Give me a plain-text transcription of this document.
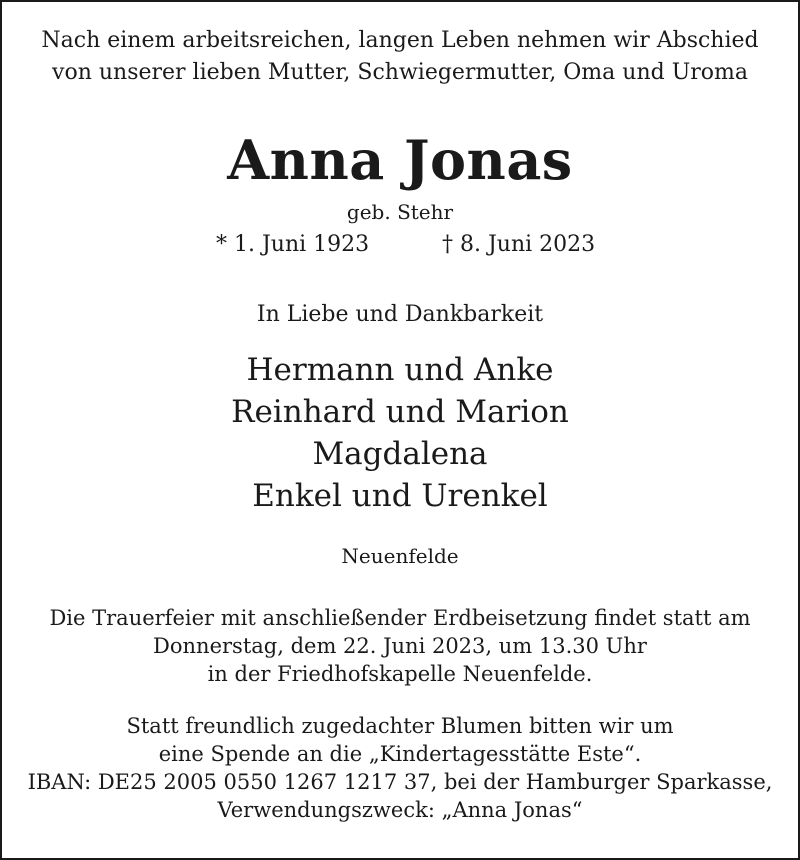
Nach einem arbeitsreichen, langen Leben nehmen wir Abschied
von unserer lieben Mutter, Schwiegermutter, Oma und Uroma
Anna Jonas
geb. Stehr
* 1. Juni 1923	† 8. Juni 2023
In Liebe und Dankbarkeit
Hermann und Anke
Reinhard und Marion
Magdalena
Enkel und Urenkel
Neuenfelde
Die Trauerfeier mit anschließender Erdbeisetzung findet statt am
Donnerstag, dem 22. Juni 2023, um 13.30 Uhr
in der Friedhofskapelle Neuenfelde.
Statt freundlich zugedachter Blumen bitten wir um
eine Spende an die „Kindertagesstätte Este“.
IBAN: DE25 2005 0550 1267 1217 37, bei der Hamburger Sparkasse,
Verwendungszweck: „Anna Jonas“
